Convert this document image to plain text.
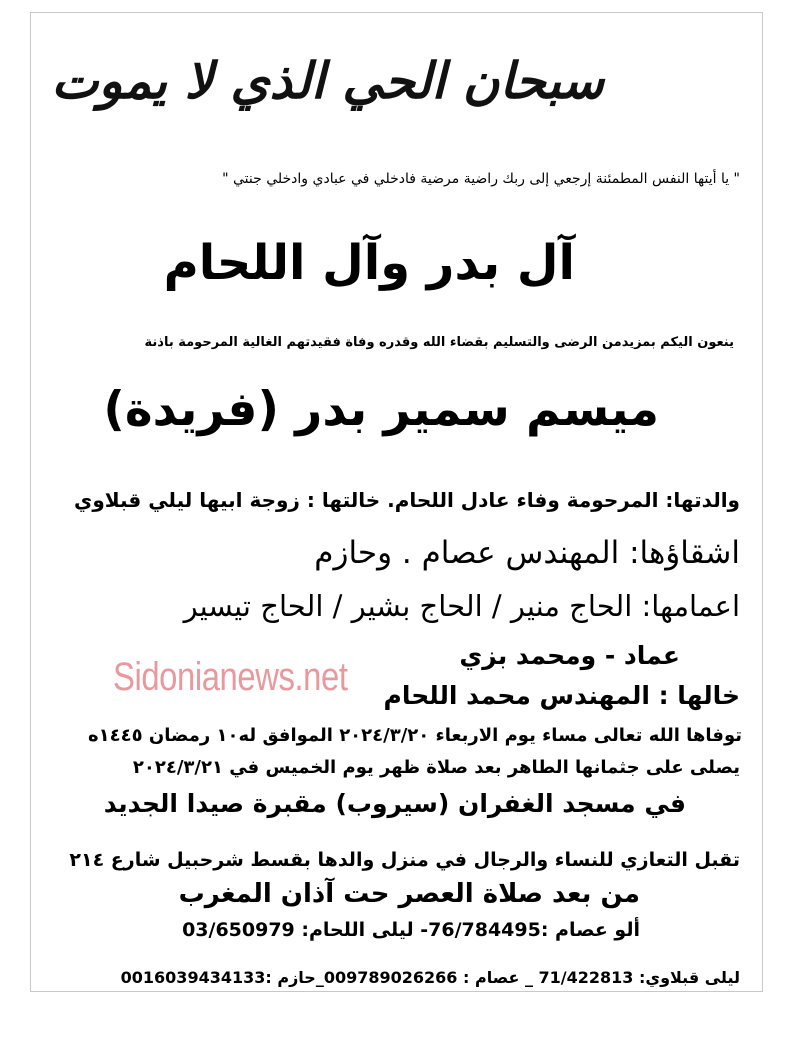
سبحان الحي الذي لا يموت
" يا أيتها النفس المطمئنة إرجعي إلى ربك راضية مرضية فادخلي في عبادي وادخلي جنتي "
آل بدر وآل اللحام
ينعون اليكم بمزيدمن الرضى والتسليم بقضاء الله وقدره وفاة فقيدتهم الغالية المرحومة باذنة
ميسم سمير بدر (فريدة)
والدتها: المرحومة وفاء عادل اللحام. خالتها : زوجة ابيها ليلي قبلاوي
اشقاؤها: المهندس عصام . وحازم
اعمامها: الحاج منير / الحاج بشير / الحاج تيسير
عماد - ومحمد بزي
Sidonianews.net خالها : المهندس محمد اللحام
توفاها الله تعالى مساء يوم الاربعاء ٢٠٢٤/٣/٢٠ الموافق له١٠ رمضان ١٤٤٥ه
يصلى على جثمانها الطاهر بعد صلاة ظهر يوم الخميس في ٢٠٢٤/٣/٢١
في مسجد الغفران (سيروب) مقبرة صيدا الجديد
تقبل التعازي للنساء والرجال في منزل والدها بقسط شرحبيل شارع ٢١٤
من بعد صلاة العصر حت آذان المغرب
ألو عصام :76/784495- ليلى اللحام: 03/650979
ليلى قبلاوي: 71/422813 _ عصام : 009789026266_حازم :0016039434133
